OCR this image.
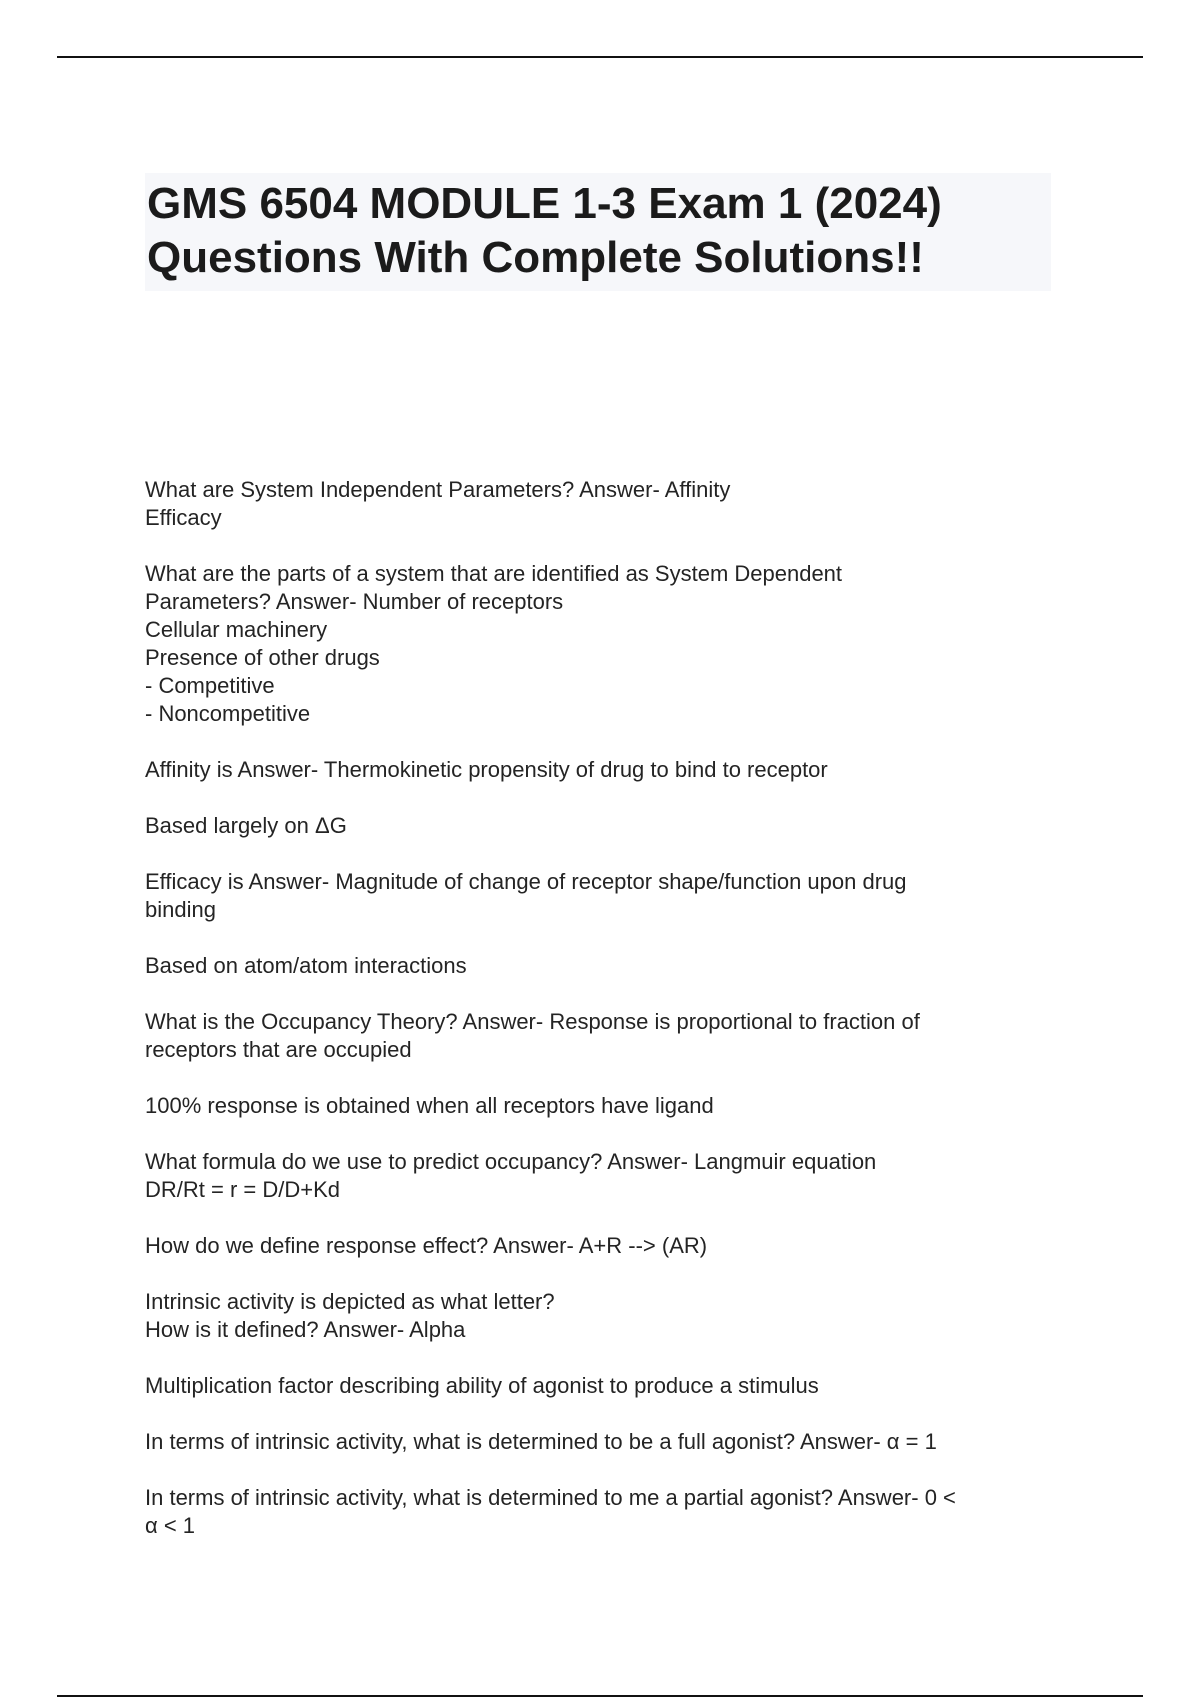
GMS 6504 MODULE 1-3 Exam 1 (2024)
Questions With Complete Solutions!!
What are System Independent Parameters? Answer- Affinity
Efficacy
What are the parts of a system that are identified as System Dependent
Parameters? Answer- Number of receptors
Cellular machinery
Presence of other drugs
- Competitive
- Noncompetitive
Affinity is Answer- Thermokinetic propensity of drug to bind to receptor
Based largely on ΔG
Efficacy is Answer- Magnitude of change of receptor shape/function upon drug
binding
Based on atom/atom interactions
What is the Occupancy Theory? Answer- Response is proportional to fraction of
receptors that are occupied
100% response is obtained when all receptors have ligand
What formula do we use to predict occupancy? Answer- Langmuir equation
DR/Rt = r = D/D+Kd
How do we define response effect? Answer- A+R --> (AR)
Intrinsic activity is depicted as what letter?
How is it defined? Answer- Alpha
Multiplication factor describing ability of agonist to produce a stimulus
In terms of intrinsic activity, what is determined to be a full agonist? Answer- α = 1
In terms of intrinsic activity, what is determined to me a partial agonist? Answer- 0 <
α < 1
